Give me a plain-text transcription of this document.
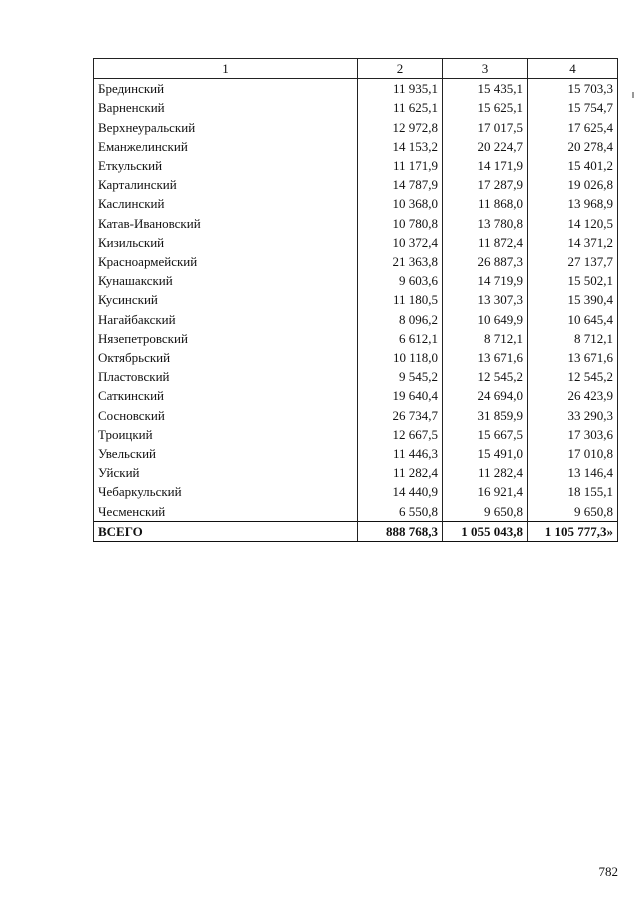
1	2	3	4
Брединский	11 935,1	15 435,1	15 703,3
Варненский	11 625,1	15 625,1	15 754,7
Верхнеуральский	12 972,8	17 017,5	17 625,4
Еманжелинский	14 153,2	20 224,7	20 278,4
Еткульский	11 171,9	14 171,9	15 401,2
Карталинский	14 787,9	17 287,9	19 026,8
Каслинский	10 368,0	11 868,0	13 968,9
Катав-Ивановский	10 780,8	13 780,8	14 120,5
Кизильский	10 372,4	11 872,4	14 371,2
Красноармейский	21 363,8	26 887,3	27 137,7
Кунашакский	9 603,6	14 719,9	15 502,1
Кусинский	11 180,5	13 307,3	15 390,4
Нагайбакский	8 096,2	10 649,9	10 645,4
Нязепетровский	6 612,1	8 712,1	8 712,1
Октябрьский	10 118,0	13 671,6	13 671,6
Пластовский	9 545,2	12 545,2	12 545,2
Саткинский	19 640,4	24 694,0	26 423,9
Сосновский	26 734,7	31 859,9	33 290,3
Троицкий	12 667,5	15 667,5	17 303,6
Увельский	11 446,3	15 491,0	17 010,8
Уйский	11 282,4	11 282,4	13 146,4
Чебаркульский	14 440,9	16 921,4	18 155,1
Чесменский	6 550,8	9 650,8	9 650,8
ВСЕГО	888 768,3	1 055 043,8	1 105 777,3»
782
